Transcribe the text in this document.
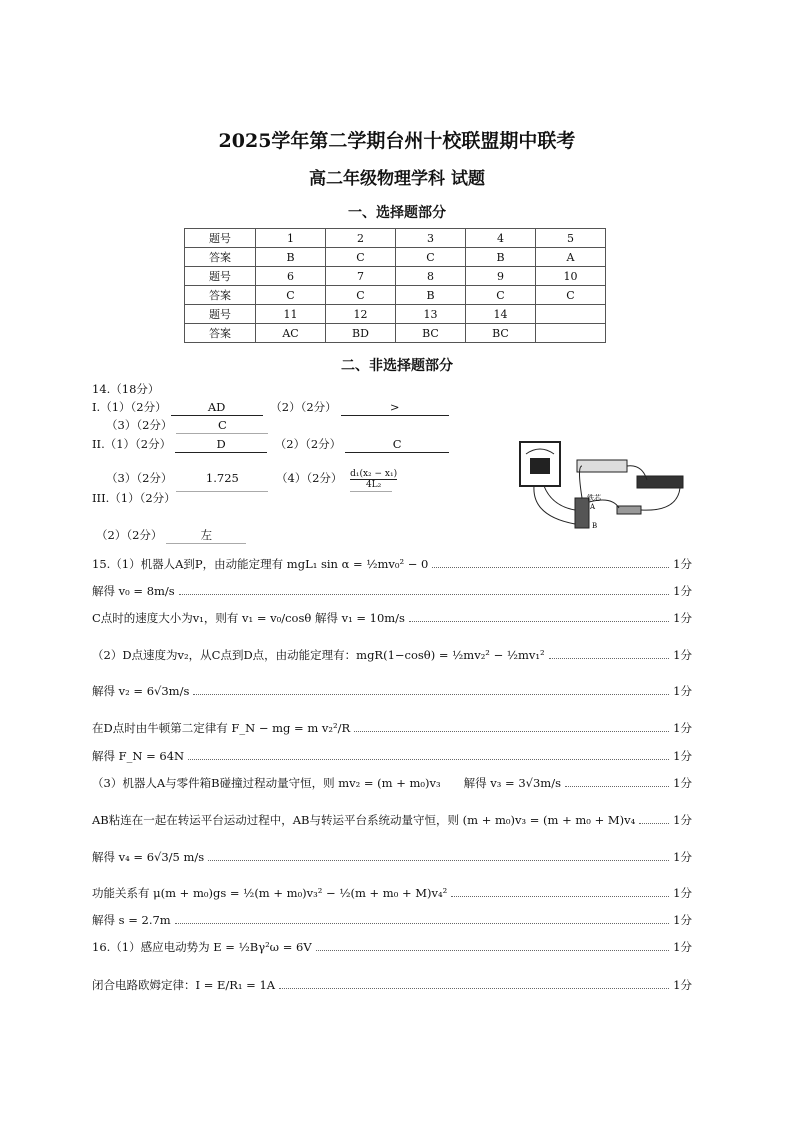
2025学年第二学期台州十校联盟期中联考
高二年级物理学科 试题
一、选择题部分
题号	1	2	3	4	5
答案	B	C	C	B	A
题号	6	7	8	9	10
答案	C	C	B	C	C
题号	11	12	13	14	
答案	AC	BD	BC	BC	
二、非选择题部分
14.（18分）
I.（1）（2分）	AD	（2）（2分）	>
（3）（2分）	C
II.（1）（2分）	D	（2）（2分）	C
（3）（2分）	1.725	（4）（2分） $\frac{\text{d₁(x₂ − x₁)}}{\text{4L₂}}$
III.（1）（2分）
（2）（2分）	左
铁芯
A
B
15.（1）机器人A到P，由动能定理有 mgL₁ sin α = ½mv₀² − 0	1分
解得 v₀ = 8m/s	1分
C点时的速度大小为v₁，则有 v₁ = v₀/cosθ 解得 v₁ = 10m/s	1分
（2）D点速度为v₂，从C点到D点，由动能定理有：mgR(1−cosθ) = ½mv₂² − ½mv₁²	1分
解得 v₂ = 6√3m/s	1分
在D点时由牛顿第二定律有 F_N − mg = m v₂²/R	1分
解得 F_N = 64N	1分
（3）机器人A与零件箱B碰撞过程动量守恒，则 mv₂ = (m + m₀)v₃　　解得 v₃ = 3√3m/s	1分
AB粘连在一起在转运平台运动过程中，AB与转运平台系统动量守恒，则 (m + m₀)v₃ = (m + m₀ + M)v₄	1分
解得 v₄ = 6√3/5 m/s	1分
功能关系有 μ(m + m₀)gs = ½(m + m₀)v₃² − ½(m + m₀ + M)v₄²	1分
解得 s = 2.7m	1分
16.（1）感应电动势为 E = ½Bγ²ω = 6V	1分
闭合电路欧姆定律：I = E/R₁ = 1A	1分
